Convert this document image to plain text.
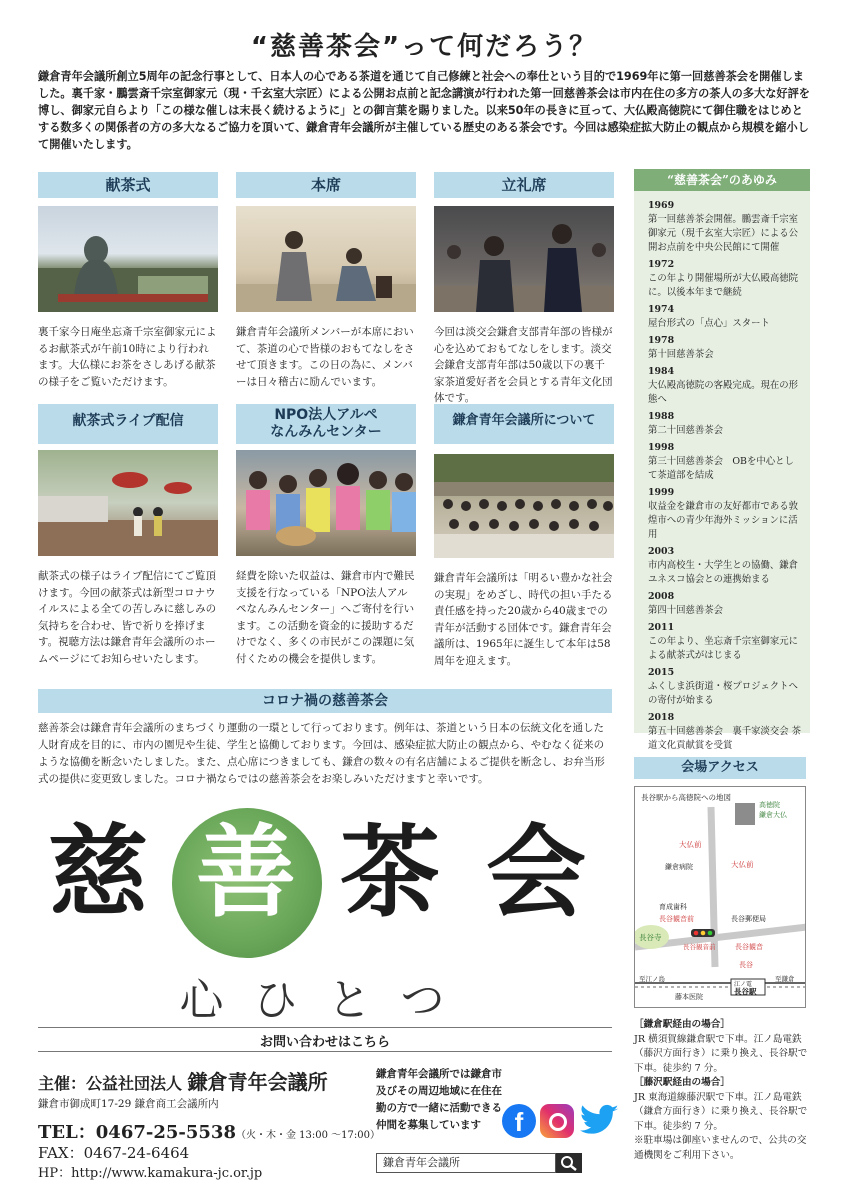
“慈善茶会”って何だろう？
鎌倉青年会議所創立5周年の記念行事として、日本人の心である茶道を通じて自己修練と社会への奉仕という目的で1969年に第一回慈善茶会を開催しました。裏千家・鵬雲斎千宗室御家元（現・千玄室大宗匠）による公開お点前と記念講演が行われた第一回慈善茶会は市内在住の多方の茶人の多大な好評を博し、御家元自らより「この様な催しは末長く続けるように」との御言葉を賜りました。以来50年の長きに亘って、大仏殿高徳院にて御住職をはじめとする数多くの関係者の方の多大なるご協力を頂いて、鎌倉青年会議所が主催している歴史のある茶会です。今回は感染症拡大防止の観点から規模を縮小して開催いたします。
献茶式
裏千家今日庵坐忘斎千宗室御家元によるお献茶式が午前10時により行われます。大仏様にお茶をさしあげる献茶の様子をご覧いただけます。
本席
鎌倉青年会議所メンバーが本席において、茶道の心で皆様のおもてなしをさせて頂きます。この日の為に、メンバーは日々稽古に励んでいます。
立礼席
今回は淡交会鎌倉支部青年部の皆様が心を込めておもてなしをします。淡交会鎌倉支部青年部は50歳以下の裏千家茶道愛好者を会員とする青年文化団体です。
献茶式ライブ配信
献茶式の様子はライブ配信にてご覧頂けます。今回の献茶式は新型コロナウイルスによる全ての苦しみに慈しみの気持ちを合わせ、皆で祈りを捧げます。視聴方法は鎌倉青年会議所のホームページにてお知らせいたします。
NPO法人アルペ
なんみんセンター
経費を除いた収益は、鎌倉市内で難民支援を行なっている「NPO法人アルペなんみんセンター」へご寄付を行います。この活動を資金的に援助するだけでなく、多くの市民がこの課題に気付くための機会を提供します。
鎌倉青年会議所について
鎌倉青年会議所は「明るい豊かな社会の実現」をめざし、時代の担い手たる責任感を持った20歳から40歳までの青年が活動する団体です。鎌倉青年会議所は、1965年に誕生して本年は58周年を迎えます。
コロナ禍の慈善茶会
慈善茶会は鎌倉青年会議所のまちづくり運動の一環として行っております。例年は、茶道という日本の伝統文化を通した人財育成を目的に、市内の園児や生徒、学生と協働しております。今回は、感染症拡大防止の観点から、やむなく従来のような協働を断念いたしました。また、点心席につきましても、鎌倉の数々の有名店舗によるご提供を断念し、お弁当形式の提供に変更致しました。コロナ禍ならではの慈善茶会をお楽しみいただけますと幸いです。
慈 善 茶 会
心ひとつ
お問い合わせはこちら
主催：公益社団法人 鎌倉青年会議所
鎌倉市御成町17-29 鎌倉商工会議所内
TEL：0467-25-5538（火・木・金 13:00 ～17:00）
FAX：0467-24-6464
HP：http://www.kamakura-jc.or.jp
鎌倉青年会議所では鎌倉市及びその周辺地域に在住在勤の方で一緒に活動できる仲間を募集しています	f
鎌倉青年会議所
“慈善茶会”のあゆみ
1969
第一回慈善茶会開催。鵬雲斎千宗室御家元（現千玄室大宗匠）による公開お点前を中央公民館にて開催
1972
この年より開催場所が大仏殿高徳院に。以後本年まで継続
1974
屋台形式の「点心」スタート
1978
第十回慈善茶会
1984
大仏殿高徳院の客殿完成。現在の形態へ
1988
第二十回慈善茶会
1998
第三十回慈善茶会　OBを中心として茶道部を結成
1999
収益金を鎌倉市の友好都市である敦煌市への青少年海外ミッションに活用
2003
市内高校生・大学生との協働、鎌倉ユネスコ協会との連携始まる
2008
第四十回慈善茶会
2011
この年より、坐忘斎千宗室御家元による献茶式がはじまる
2015
ふくしま浜街道・桜プロジェクトへの寄付が始まる
2018
第五十回慈善茶会　裏千家淡交会 茶道文化貢献賞を受賞
会場アクセス
長谷駅から高徳院への地図
高徳院
鎌倉大仏
大仏前
大仏前
鎌倉病院
育成歯科
長谷観音前	長谷郵便局
長谷寺
長谷観音前	長谷観音
長谷
至江ノ島	至鎌倉
江ノ電
長谷駅
藤本医院
［鎌倉駅経由の場合］
JR 横須賀線鎌倉駅で下車。江ノ島電鉄（藤沢方面行き）に乗り換え、長谷駅で下車。徒歩約 7 分。
［藤沢駅経由の場合］
JR 東海道線藤沢駅で下車。江ノ島電鉄（鎌倉方面行き）に乗り換え、長谷駅で下車。徒歩約 7 分。
※駐車場は御座いませんので、公共の交通機関をご利用下さい。
